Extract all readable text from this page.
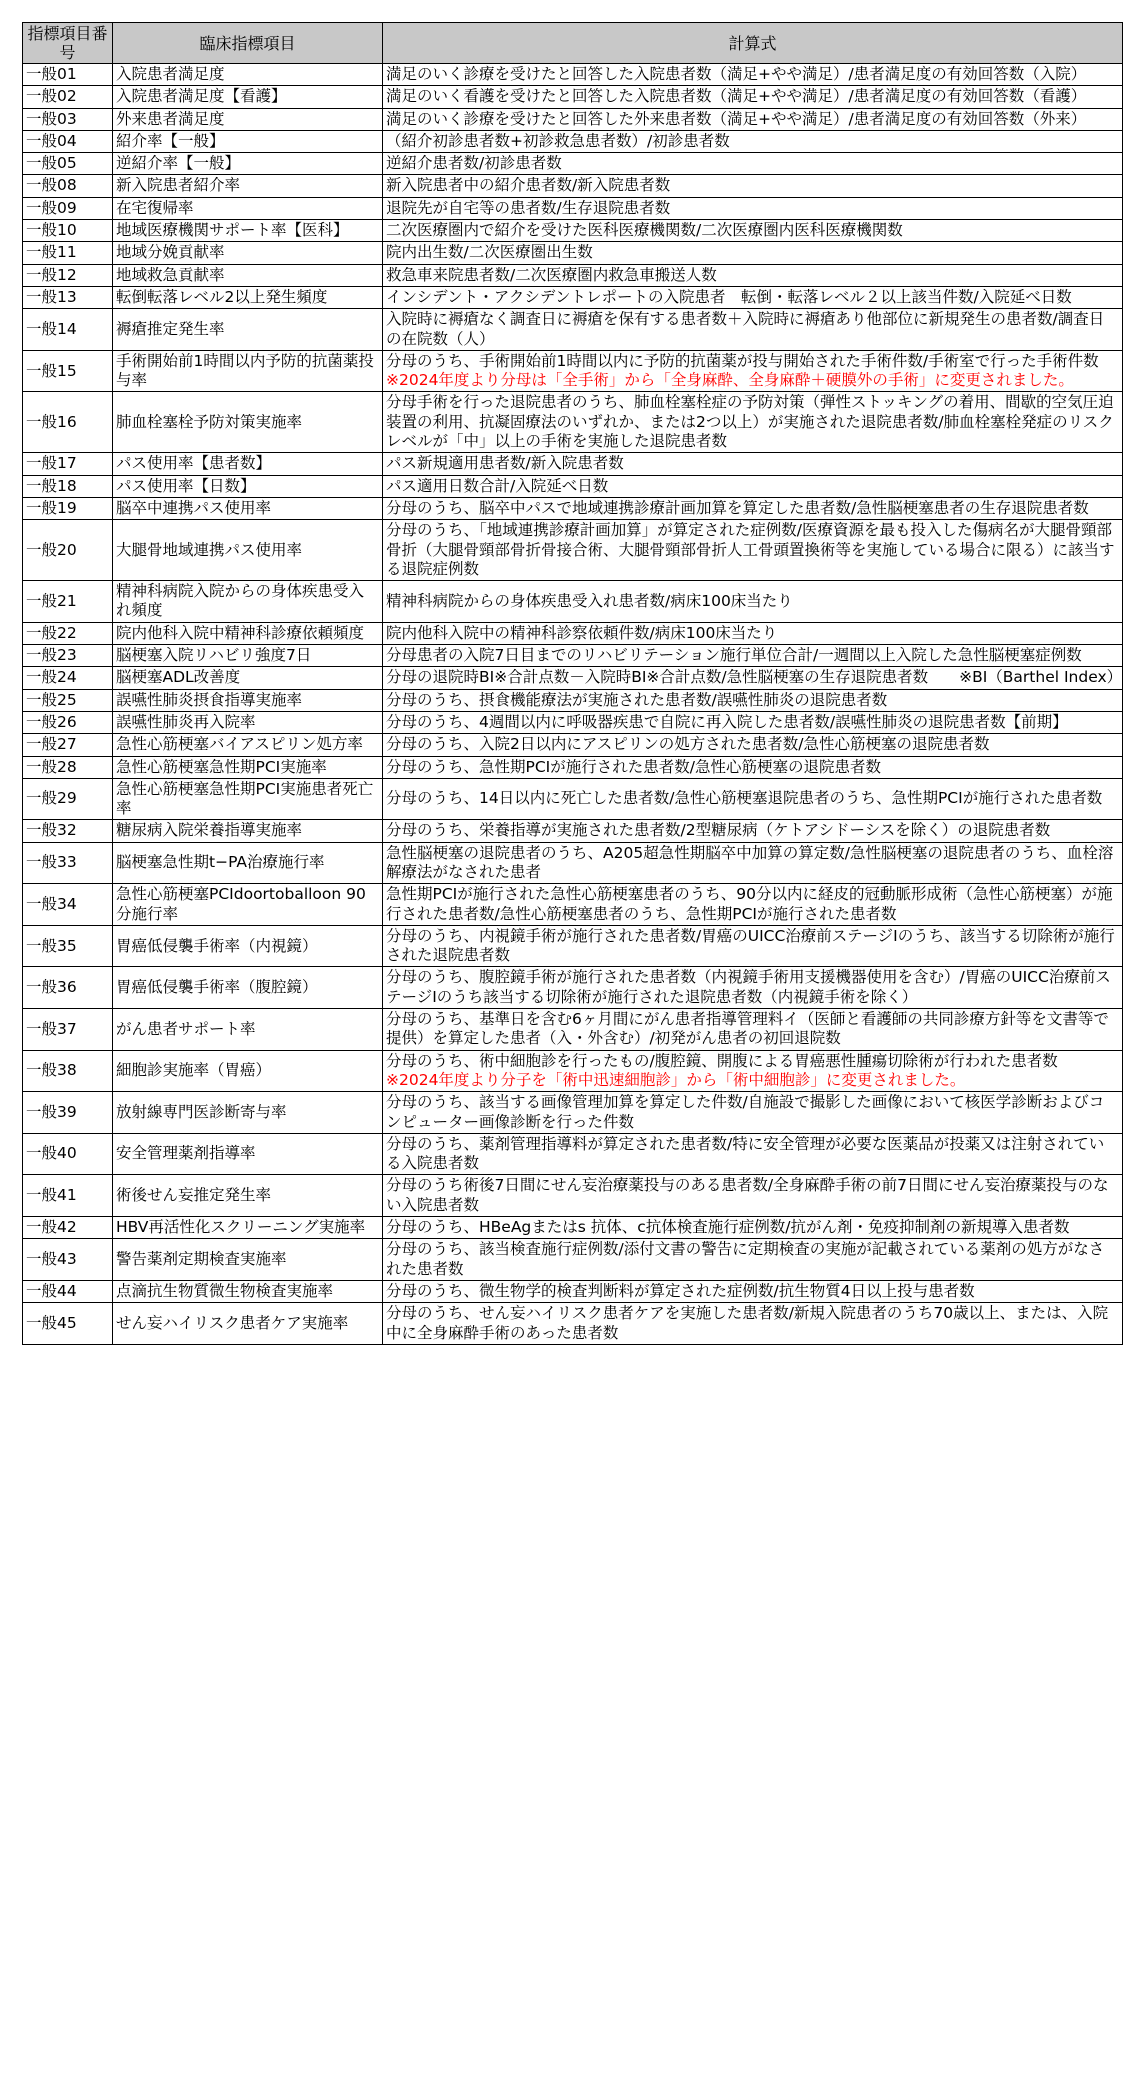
指標項目番号	臨床指標項目	計算式
一般01	入院患者満足度	満足のいく診療を受けたと回答した入院患者数（満足+やや満足）/患者満足度の有効回答数（入院）
一般02	入院患者満足度【看護】	満足のいく看護を受けたと回答した入院患者数（満足+やや満足）/患者満足度の有効回答数（看護）
一般03	外来患者満足度	満足のいく診療を受けたと回答した外来患者数（満足+やや満足）/患者満足度の有効回答数（外来）
一般04	紹介率【一般】	（紹介初診患者数+初診救急患者数）/初診患者数
一般05	逆紹介率【一般】	逆紹介患者数/初診患者数
一般08	新入院患者紹介率	新入院患者中の紹介患者数/新入院患者数
一般09	在宅復帰率	退院先が自宅等の患者数/生存退院患者数
一般10	地域医療機関サポート率【医科】	二次医療圏内で紹介を受けた医科医療機関数/二次医療圏内医科医療機関数
一般11	地域分娩貢献率	院内出生数/二次医療圏出生数
一般12	地域救急貢献率	救急車来院患者数/二次医療圏内救急車搬送人数
一般13	転倒転落レベル2以上発生頻度	インシデント・アクシデントレポートの入院患者　転倒・転落レベル２以上該当件数/入院延べ日数
一般14	褥瘡推定発生率	入院時に褥瘡なく調査日に褥瘡を保有する患者数＋入院時に褥瘡あり他部位に新規発生の患者数/調査日の在院数（人）
一般15	手術開始前1時間以内予防的抗菌薬投与率	分母のうち、手術開始前1時間以内に予防的抗菌薬が投与開始された手術件数/手術室で行った手術件数
※2024年度より分母は「全手術」から「全身麻酔、全身麻酔＋硬膜外の手術」に変更されました。
一般16	肺血栓塞栓予防対策実施率	分母手術を行った退院患者のうち、肺血栓塞栓症の予防対策（弾性ストッキングの着用、間歇的空気圧迫装置の利用、抗凝固療法のいずれか、または2つ以上）が実施された退院患者数/肺血栓塞栓発症のリスクレベルが「中」以上の手術を実施した退院患者数
一般17	パス使用率【患者数】	パス新規適用患者数/新入院患者数
一般18	パス使用率【日数】	パス適用日数合計/入院延べ日数
一般19	脳卒中連携パス使用率	分母のうち、脳卒中パスで地域連携診療計画加算を算定した患者数/急性脳梗塞患者の生存退院患者数
一般20	大腿骨地域連携パス使用率	分母のうち、「地域連携診療計画加算」が算定された症例数/医療資源を最も投入した傷病名が大腿骨頸部骨折（大腿骨頸部骨折骨接合術、大腿骨頸部骨折人工骨頭置換術等を実施している場合に限る）に該当する退院症例数
一般21	精神科病院入院からの身体疾患受入れ頻度	精神科病院からの身体疾患受入れ患者数/病床100床当たり
一般22	院内他科入院中精神科診療依頼頻度	院内他科入院中の精神科診察依頼件数/病床100床当たり
一般23	脳梗塞入院リハビリ強度7日	分母患者の入院7日目までのリハビリテーション施行単位合計/一週間以上入院した急性脳梗塞症例数
一般24	脳梗塞ADL改善度	分母の退院時BI※合計点数－入院時BI※合計点数/急性脳梗塞の生存退院患者数　　※BI（Barthel Index）
一般25	誤嚥性肺炎摂食指導実施率	分母のうち、摂食機能療法が実施された患者数/誤嚥性肺炎の退院患者数
一般26	誤嚥性肺炎再入院率	分母のうち、4週間以内に呼吸器疾患で自院に再入院した患者数/誤嚥性肺炎の退院患者数【前期】
一般27	急性心筋梗塞バイアスピリン処方率	分母のうち、入院2日以内にアスピリンの処方された患者数/急性心筋梗塞の退院患者数
一般28	急性心筋梗塞急性期PCI実施率	分母のうち、急性期PCIが施行された患者数/急性心筋梗塞の退院患者数
一般29	急性心筋梗塞急性期PCI実施患者死亡率	分母のうち、14日以内に死亡した患者数/急性心筋梗塞退院患者のうち、急性期PCIが施行された患者数
一般32	糖尿病入院栄養指導実施率	分母のうち、栄養指導が実施された患者数/2型糖尿病（ケトアシドーシスを除く）の退院患者数
一般33	脳梗塞急性期t−PA治療施行率	急性脳梗塞の退院患者のうち、A205超急性期脳卒中加算の算定数/急性脳梗塞の退院患者のうち、血栓溶解療法がなされた患者
一般34	急性心筋梗塞PCIdoortoballoon 90分施行率	急性期PCIが施行された急性心筋梗塞患者のうち、90分以内に経皮的冠動脈形成術（急性心筋梗塞）が施行された患者数/急性心筋梗塞患者のうち、急性期PCIが施行された患者数
一般35	胃癌低侵襲手術率（内視鏡）	分母のうち、内視鏡手術が施行された患者数/胃癌のUICC治療前ステージIのうち、該当する切除術が施行された退院患者数
一般36	胃癌低侵襲手術率（腹腔鏡）	分母のうち、腹腔鏡手術が施行された患者数（内視鏡手術用支援機器使用を含む）/胃癌のUICC治療前ステージIのうち該当する切除術が施行された退院患者数（内視鏡手術を除く）
一般37	がん患者サポート率	分母のうち、基準日を含む6ヶ月間にがん患者指導管理料イ（医師と看護師の共同診療方針等を文書等で提供）を算定した患者（入・外含む）/初発がん患者の初回退院数
一般38	細胞診実施率（胃癌）	分母のうち、術中細胞診を行ったもの/腹腔鏡、開腹による胃癌悪性腫瘍切除術が行われた患者数
※2024年度より分子を「術中迅速細胞診」から「術中細胞診」に変更されました。
一般39	放射線専門医診断寄与率	分母のうち、該当する画像管理加算を算定した件数/自施設で撮影した画像において核医学診断およびコンピューター画像診断を行った件数
一般40	安全管理薬剤指導率	分母のうち、薬剤管理指導料が算定された患者数/特に安全管理が必要な医薬品が投薬又は注射されている入院患者数
一般41	術後せん妄推定発生率	分母のうち術後7日間にせん妄治療薬投与のある患者数/全身麻酔手術の前7日間にせん妄治療薬投与のない入院患者数
一般42	HBV再活性化スクリーニング実施率	分母のうち、HBeAgまたはs 抗体、c抗体検査施行症例数/抗がん剤・免疫抑制剤の新規導入患者数
一般43	警告薬剤定期検査実施率	分母のうち、該当検査施行症例数/添付文書の警告に定期検査の実施が記載されている薬剤の処方がなされた患者数
一般44	点滴抗生物質微生物検査実施率	分母のうち、微生物学的検査判断料が算定された症例数/抗生物質4日以上投与患者数
一般45	せん妄ハイリスク患者ケア実施率	分母のうち、せん妄ハイリスク患者ケアを実施した患者数/新規入院患者のうち70歳以上、または、入院中に全身麻酔手術のあった患者数
